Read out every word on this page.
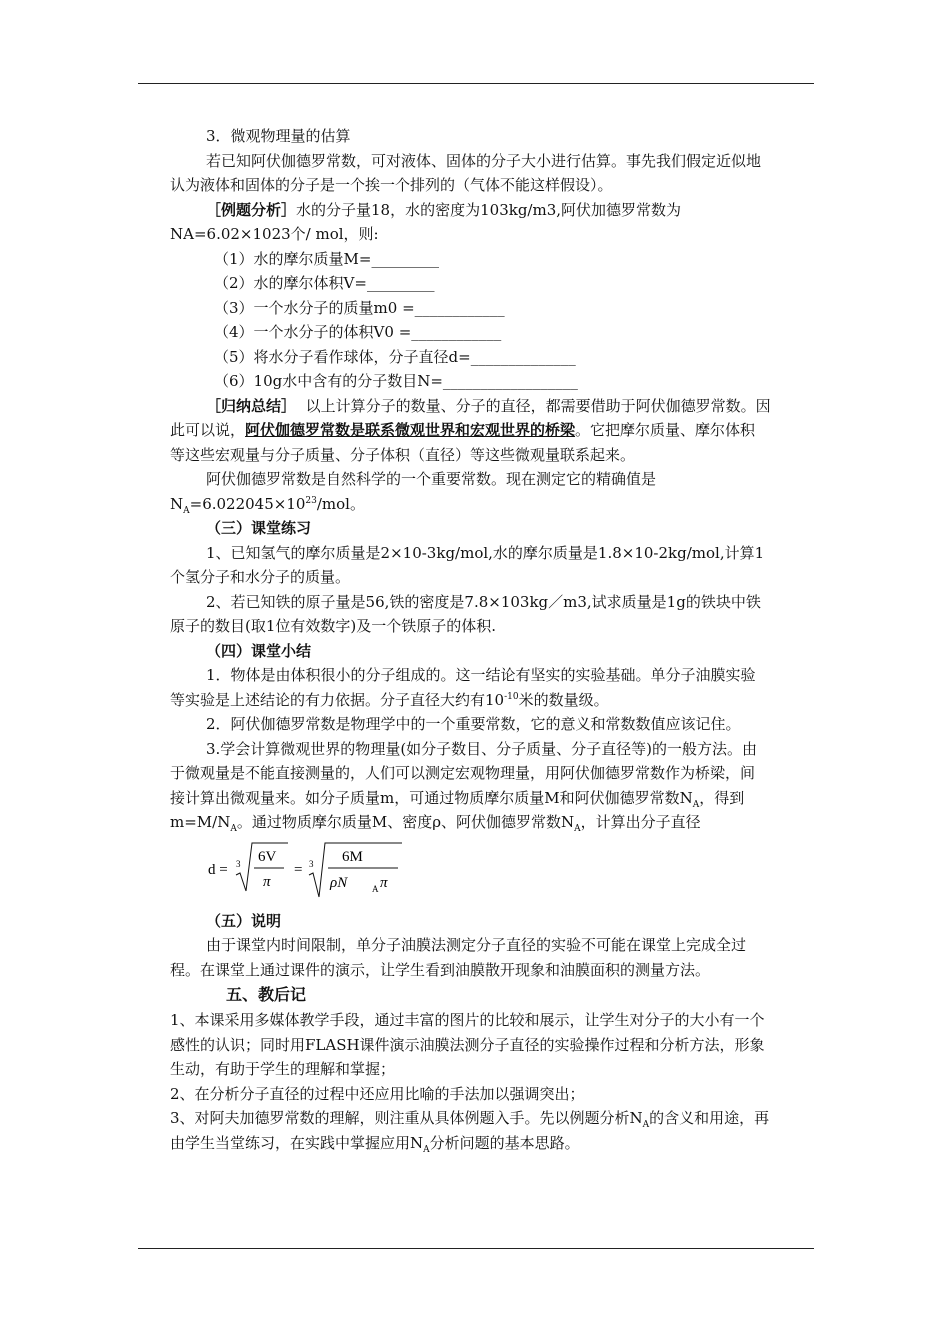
3．微观物理量的估算

若已知阿伏伽德罗常数，可对液体、固体的分子大小进行估算。事先我们假定近似地

认为液体和固体的分子是一个挨一个排列的（气体不能这样假设）。

［例题分析］水的分子量18，水的密度为103kg/m3,阿伏加德罗常数为

NA=6.02×1023个/ mol，则:

（1）水的摩尔质量M=_________

（2）水的摩尔体积V=_________

（3）一个水分子的质量m0 =____________

（4）一个水分子的体积V0 =____________

（5）将水分子看作球体，分子直径d=______________

（6）10g水中含有的分子数目N=__________________

［归纳总结］ 以上计算分子的数量、分子的直径，都需要借助于阿伏伽德罗常数。因

此可以说，阿伏伽德罗常数是联系微观世界和宏观世界的桥梁。它把摩尔质量、摩尔体积

等这些宏观量与分子质量、分子体积（直径）等这些微观量联系起来。

阿伏伽德罗常数是自然科学的一个重要常数。现在测定它的精确值是

$N_A=6.022045\times 10^{23}$/mol。

（三）课堂练习

1、已知氢气的摩尔质量是2×10-3kg/mol,水的摩尔质量是1.8×10-2kg/mol,计算1

个氢分子和水分子的质量。

2、若已知铁的原子量是56,铁的密度是7.8×103kg／m3,试求质量是1g的铁块中铁

原子的数目(取1位有效数字)及一个铁原子的体积.

（四）课堂小结

1．物体是由体积很小的分子组成的。这一结论有坚实的实验基础。单分子油膜实验

等实验是上述结论的有力依据。分子直径大约有$10^{-10}$米的数量级。

2．阿伏伽德罗常数是物理学中的一个重要常数，它的意义和常数数值应该记住。

3.学会计算微观世界的物理量(如分子数目、分子质量、分子直径等)的一般方法。由

于微观量是不能直接测量的，人们可以测定宏观物理量，用阿伏伽德罗常数作为桥梁，间

接计算出微观量来。如分子质量m，可通过物质摩尔质量M和阿伏伽德罗常数$N_A$，得到

$m=M/N_A$。通过物质摩尔质量M、密度ρ、阿伏伽德罗常数$N_A$，计算出分子直径

d = 3 6V
π
= 3 6M
ρN	A π

（五）说明

由于课堂内时间限制，单分子油膜法测定分子直径的实验不可能在课堂上完成全过

程。在课堂上通过课件的演示，让学生看到油膜散开现象和油膜面积的测量方法。

五、教后记

1、本课采用多媒体教学手段，通过丰富的图片的比较和展示，让学生对分子的大小有一个

感性的认识；同时用FLASH课件演示油膜法测分子直径的实验操作过程和分析方法，形象

生动，有助于学生的理解和掌握；

2、在分析分子直径的过程中还应用比喻的手法加以强调突出；

3、对阿夫加德罗常数的理解，则注重从具体例题入手。先以例题分析$N_A$的含义和用途，再

由学生当堂练习，在实践中掌握应用$N_A$分析问题的基本思路。
